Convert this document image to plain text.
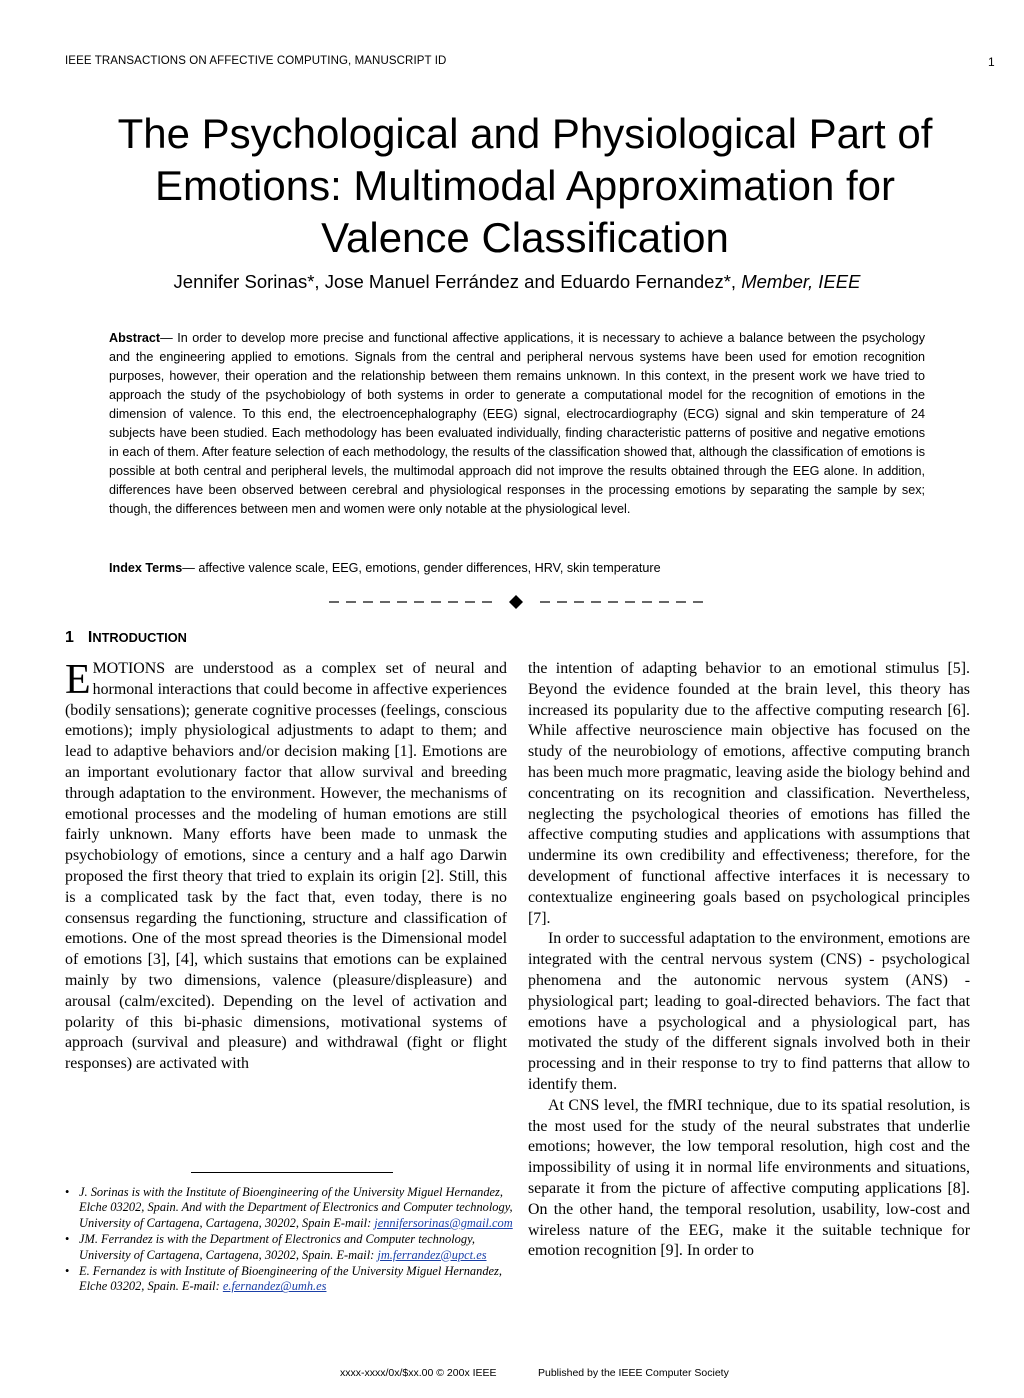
IEEE TRANSACTIONS ON AFFECTIVE COMPUTING, MANUSCRIPT ID	1
The Psychological and Physiological Part of
Emotions: Multimodal Approximation for
Valence Classification
Jennifer Sorinas*, Jose Manuel Ferrández and Eduardo Fernandez*, Member, IEEE

Abstract— In order to develop more precise and functional affective applications, it is necessary to achieve a balance between the psychology and the engineering applied to emotions. Signals from the central and peripheral nervous systems have been used for emotion recognition purposes, however, their operation and the relationship between them remains unknown. In this context, in the present work we have tried to approach the study of the psychobiology of both systems in order to generate a computational model for the recognition of emotions in the dimension of valence. To this end, the electroencephalography (EEG) signal, electrocardiography (ECG) signal and skin temperature of 24 subjects have been studied. Each methodology has been evaluated individually, finding characteristic patterns of positive and negative emotions in each of them. After feature selection of each methodology, the results of the classification showed that, although the classification of emotions is possible at both central and peripheral levels, the multimodal approach did not improve the results obtained through the EEG alone. In addition, differences have been observed between cerebral and physiological responses in the processing emotions by separating the sample by sex; though, the differences between men and women were only notable at the physiological level.

Index Terms— affective valence scale, EEG, emotions, gender differences, HRV, skin temperature
1 INTRODUCTION

EMOTIONS are understood as a complex set of neural and hormonal interactions that could become in affective experiences (bodily sensations); generate cognitive processes (feelings, conscious emotions); imply physiological adjustments to adapt to them; and lead to adaptive behaviors and/or decision making [1]. Emotions are an important evolutionary factor that allow survival and breeding through adaptation to the environment. However, the mechanisms of emotional processes and the modeling of human emotions are still fairly unknown. Many efforts have been made to unmask the psychobiology of emotions, since a century and a half ago Darwin proposed the first theory that tried to explain its origin [2]. Still, this is a complicated task by the fact that, even today, there is no consensus regarding the functioning, structure and classification of emotions. One of the most spread theories is the Dimensional model of emotions [3], [4], which sustains that emotions can be explained mainly by two dimensions, valence (pleasure/displeasure) and arousal (calm/excited). Depending on the level of activation and polarity of this bi-phasic dimensions, motivational systems of approach (survival and pleasure) and withdrawal (fight or flight responses) are activated with

the intention of adapting behavior to an emotional stimulus [5]. Beyond the evidence founded at the brain level, this theory has increased its popularity due to the affective computing research [6]. While affective neuroscience main objective has focused on the study of the neurobiology of emotions, affective computing branch has been much more pragmatic, leaving aside the biology behind and concentrating on its recognition and classification. Nevertheless, neglecting the psychological theories of emotions has filled the affective computing studies and applications with assumptions that undermine its own credibility and effectiveness; therefore, for the development of functional affective interfaces it is necessary to contextualize engineering goals based on psychological principles [7].

In order to successful adaptation to the environment, emotions are integrated with the central nervous system (CNS) - psychological phenomena and the autonomic nervous system (ANS) - physiological part; leading to goal-directed behaviors. The fact that emotions have a psychological and a physiological part, has motivated the study of the different signals involved both in their processing and in their response to try to find patterns that allow to identify them.

At CNS level, the fMRI technique, due to its spatial resolution, is the most used for the study of the neural substrates that underlie emotions; however, the low temporal resolution, high cost and the impossibility of using it in normal life environments and situations, separate it from the picture of affective computing applications [8]. On the other hand, the temporal resolution, usability, low-cost and wireless nature of the EEG, make it the suitable technique for emotion recognition [9]. In order to

• J. Sorinas is with the Institute of Bioengineering of the University Miguel Hernandez, Elche 03202, Spain. And with the Department of Electronics and Computer technology, University of Cartagena, Cartagena, 30202, Spain E-mail: jennifersorinas@gmail.com
• JM. Ferrandez is with the Department of Electronics and Computer technology, University of Cartagena, Cartagena, 30202, Spain. E-mail: jm.ferrandez@upct.es
• E. Fernandez is with Institute of Bioengineering of the University Miguel Hernandez, Elche 03202, Spain. E-mail: e.fernandez@umh.es
xxxx-xxxx/0x/$xx.00 © 200x IEEE	Published by the IEEE Computer Society
